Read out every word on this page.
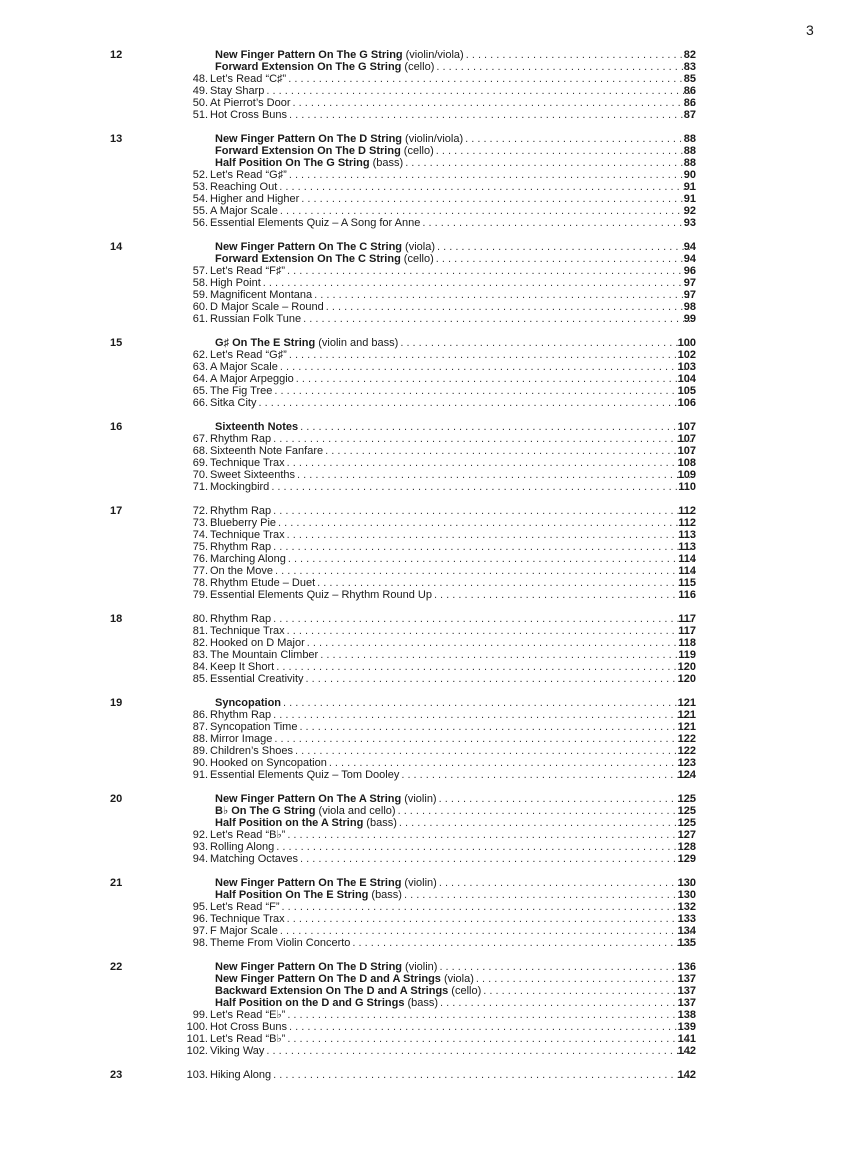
3
12	New Finger Pattern On The G String (violin/viola) . . .	82
Forward Extension On The G String (cello) . . .	83
48. Let’s Read “C♯” . . .	85
49. Stay Sharp . . .	86
50. At Pierrot’s Door . . .	86
51. Hot Cross Buns . . .	87
13	New Finger Pattern On The D String (violin/viola) . . .	88
Forward Extension On The D String (cello) . . .	88
Half Position On The G String (bass) . . .	88
52. Let’s Read “G♯” . . .	90
53. Reaching Out . . .	91
54. Higher and Higher . . .	91
55. A Major Scale . . .	92
56. Essential Elements Quiz – A Song for Anne . . .	93
14	New Finger Pattern On The C String (viola) . . .	94
Forward Extension On The C String (cello) . . .	94
57. Let’s Read “F♯” . . .	96
58. High Point . . .	97
59. Magnificent Montana . . .	97
60. D Major Scale – Round . . .	98
61. Russian Folk Tune . . .	99
15	G♯ On The E String (violin and bass) . . .	100
62. Let’s Read “G♯” . . .	102
63. A Major Scale . . .	103
64. A Major Arpeggio . . .	104
65. The Fig Tree . . .	105
66. Sitka City . . .	106
16	Sixteenth Notes . . .	107
67. Rhythm Rap . . .	107
68. Sixteenth Note Fanfare . . .	107
69. Technique Trax . . .	108
70. Sweet Sixteenths . . .	109
71. Mockingbird . . .	110
17	72. Rhythm Rap . . .	112
73. Blueberry Pie . . .	112
74. Technique Trax . . .	113
75. Rhythm Rap . . .	113
76. Marching Along . . .	114
77. On the Move . . .	114
78. Rhythm Etude – Duet . . .	115
79. Essential Elements Quiz – Rhythm Round Up . . .	116
18	80. Rhythm Rap . . .	117
81. Technique Trax . . .	117
82. Hooked on D Major . . .	118
83. The Mountain Climber . . .	119
84. Keep It Short . . .	120
85. Essential Creativity . . .	120
19	Syncopation . . .	121
86. Rhythm Rap . . .	121
87. Syncopation Time . . .	121
88. Mirror Image . . .	122
89. Children’s Shoes . . .	122
90. Hooked on Syncopation . . .	123
91. Essential Elements Quiz – Tom Dooley . . .	124
20	New Finger Pattern On The A String (violin) . . .	125
B♭ On The G String (viola and cello) . . .	125
Half Position on the A String (bass) . . .	125
92. Let’s Read “B♭” . . .	127
93. Rolling Along . . .	128
94. Matching Octaves . . .	129
21	New Finger Pattern On The E String (violin) . . .	130
Half Position On The E String (bass) . . .	130
95. Let’s Read “F” . . .	132
96. Technique Trax . . .	133
97. F Major Scale . . .	134
98. Theme From Violin Concerto . . .	135
22	New Finger Pattern On The D String (violin) . . .	136
New Finger Pattern On The D and A Strings (viola) . . .	137
Backward Extension On The D and A Strings (cello) . . .	137
Half Position on the D and G Strings (bass) . . .	137
99. Let’s Read “E♭” . . .	138
100. Hot Cross Buns . . .	139
101. Let’s Read “B♭” . . .	141
102. Viking Way . . .	142
23	103. Hiking Along . . .	142
